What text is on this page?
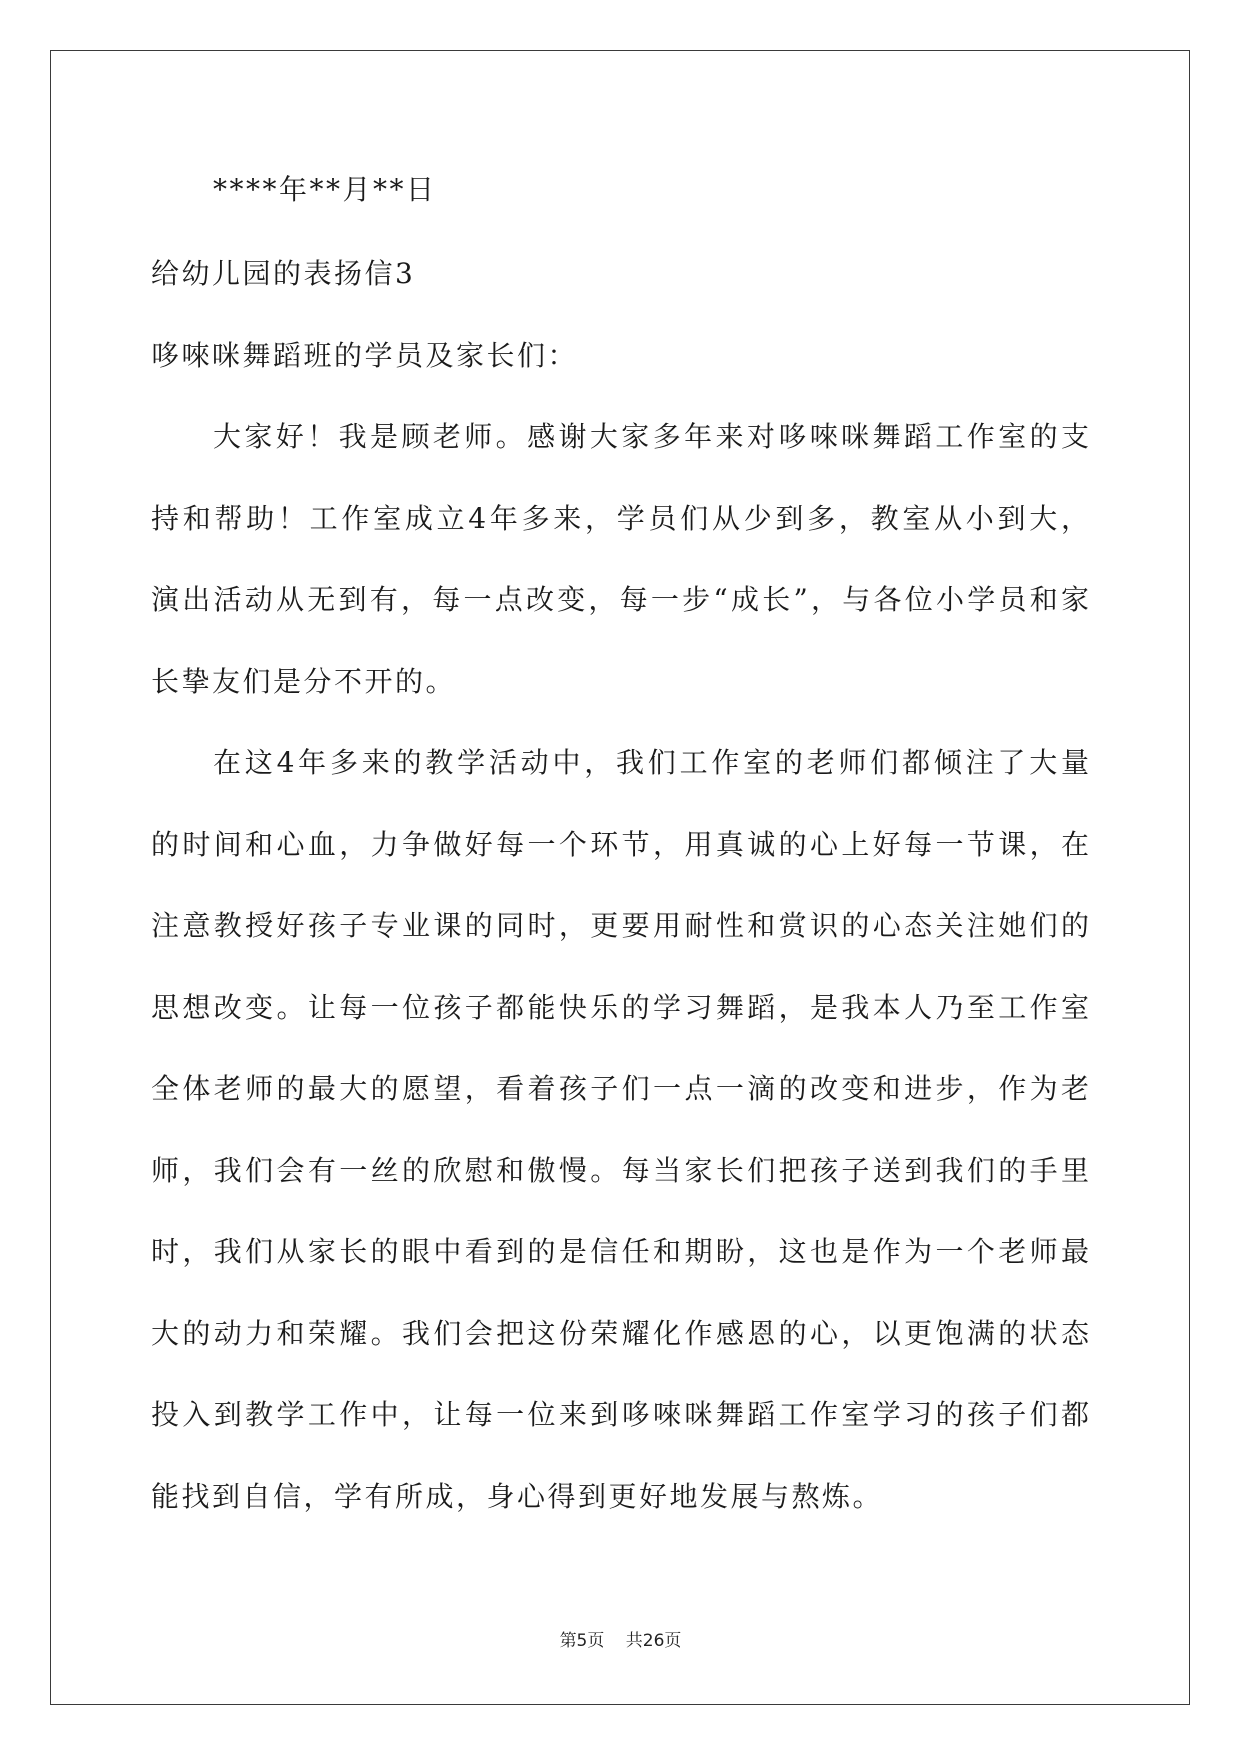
****年**月**日
给幼儿园的表扬信3
哆唻咪舞蹈班的学员及家长们：
大家好！我是顾老师。感谢大家多年来对哆唻咪舞蹈工作室的支
持和帮助！工作室成立4年多来，学员们从少到多，教室从小到大，
演出活动从无到有，每一点改变，每一步“成长”，与各位小学员和家
长挚友们是分不开的。
在这4年多来的教学活动中，我们工作室的老师们都倾注了大量
的时间和心血，力争做好每一个环节，用真诚的心上好每一节课，在
注意教授好孩子专业课的同时，更要用耐性和赏识的心态关注她们的
思想改变。让每一位孩子都能快乐的学习舞蹈，是我本人乃至工作室
全体老师的最大的愿望，看着孩子们一点一滴的改变和进步，作为老
师，我们会有一丝的欣慰和傲慢。每当家长们把孩子送到我们的手里
时，我们从家长的眼中看到的是信任和期盼，这也是作为一个老师最
大的动力和荣耀。我们会把这份荣耀化作感恩的心，以更饱满的状态
投入到教学工作中，让每一位来到哆唻咪舞蹈工作室学习的孩子们都
能找到自信，学有所成，身心得到更好地发展与熬炼。
第5页 共26页
